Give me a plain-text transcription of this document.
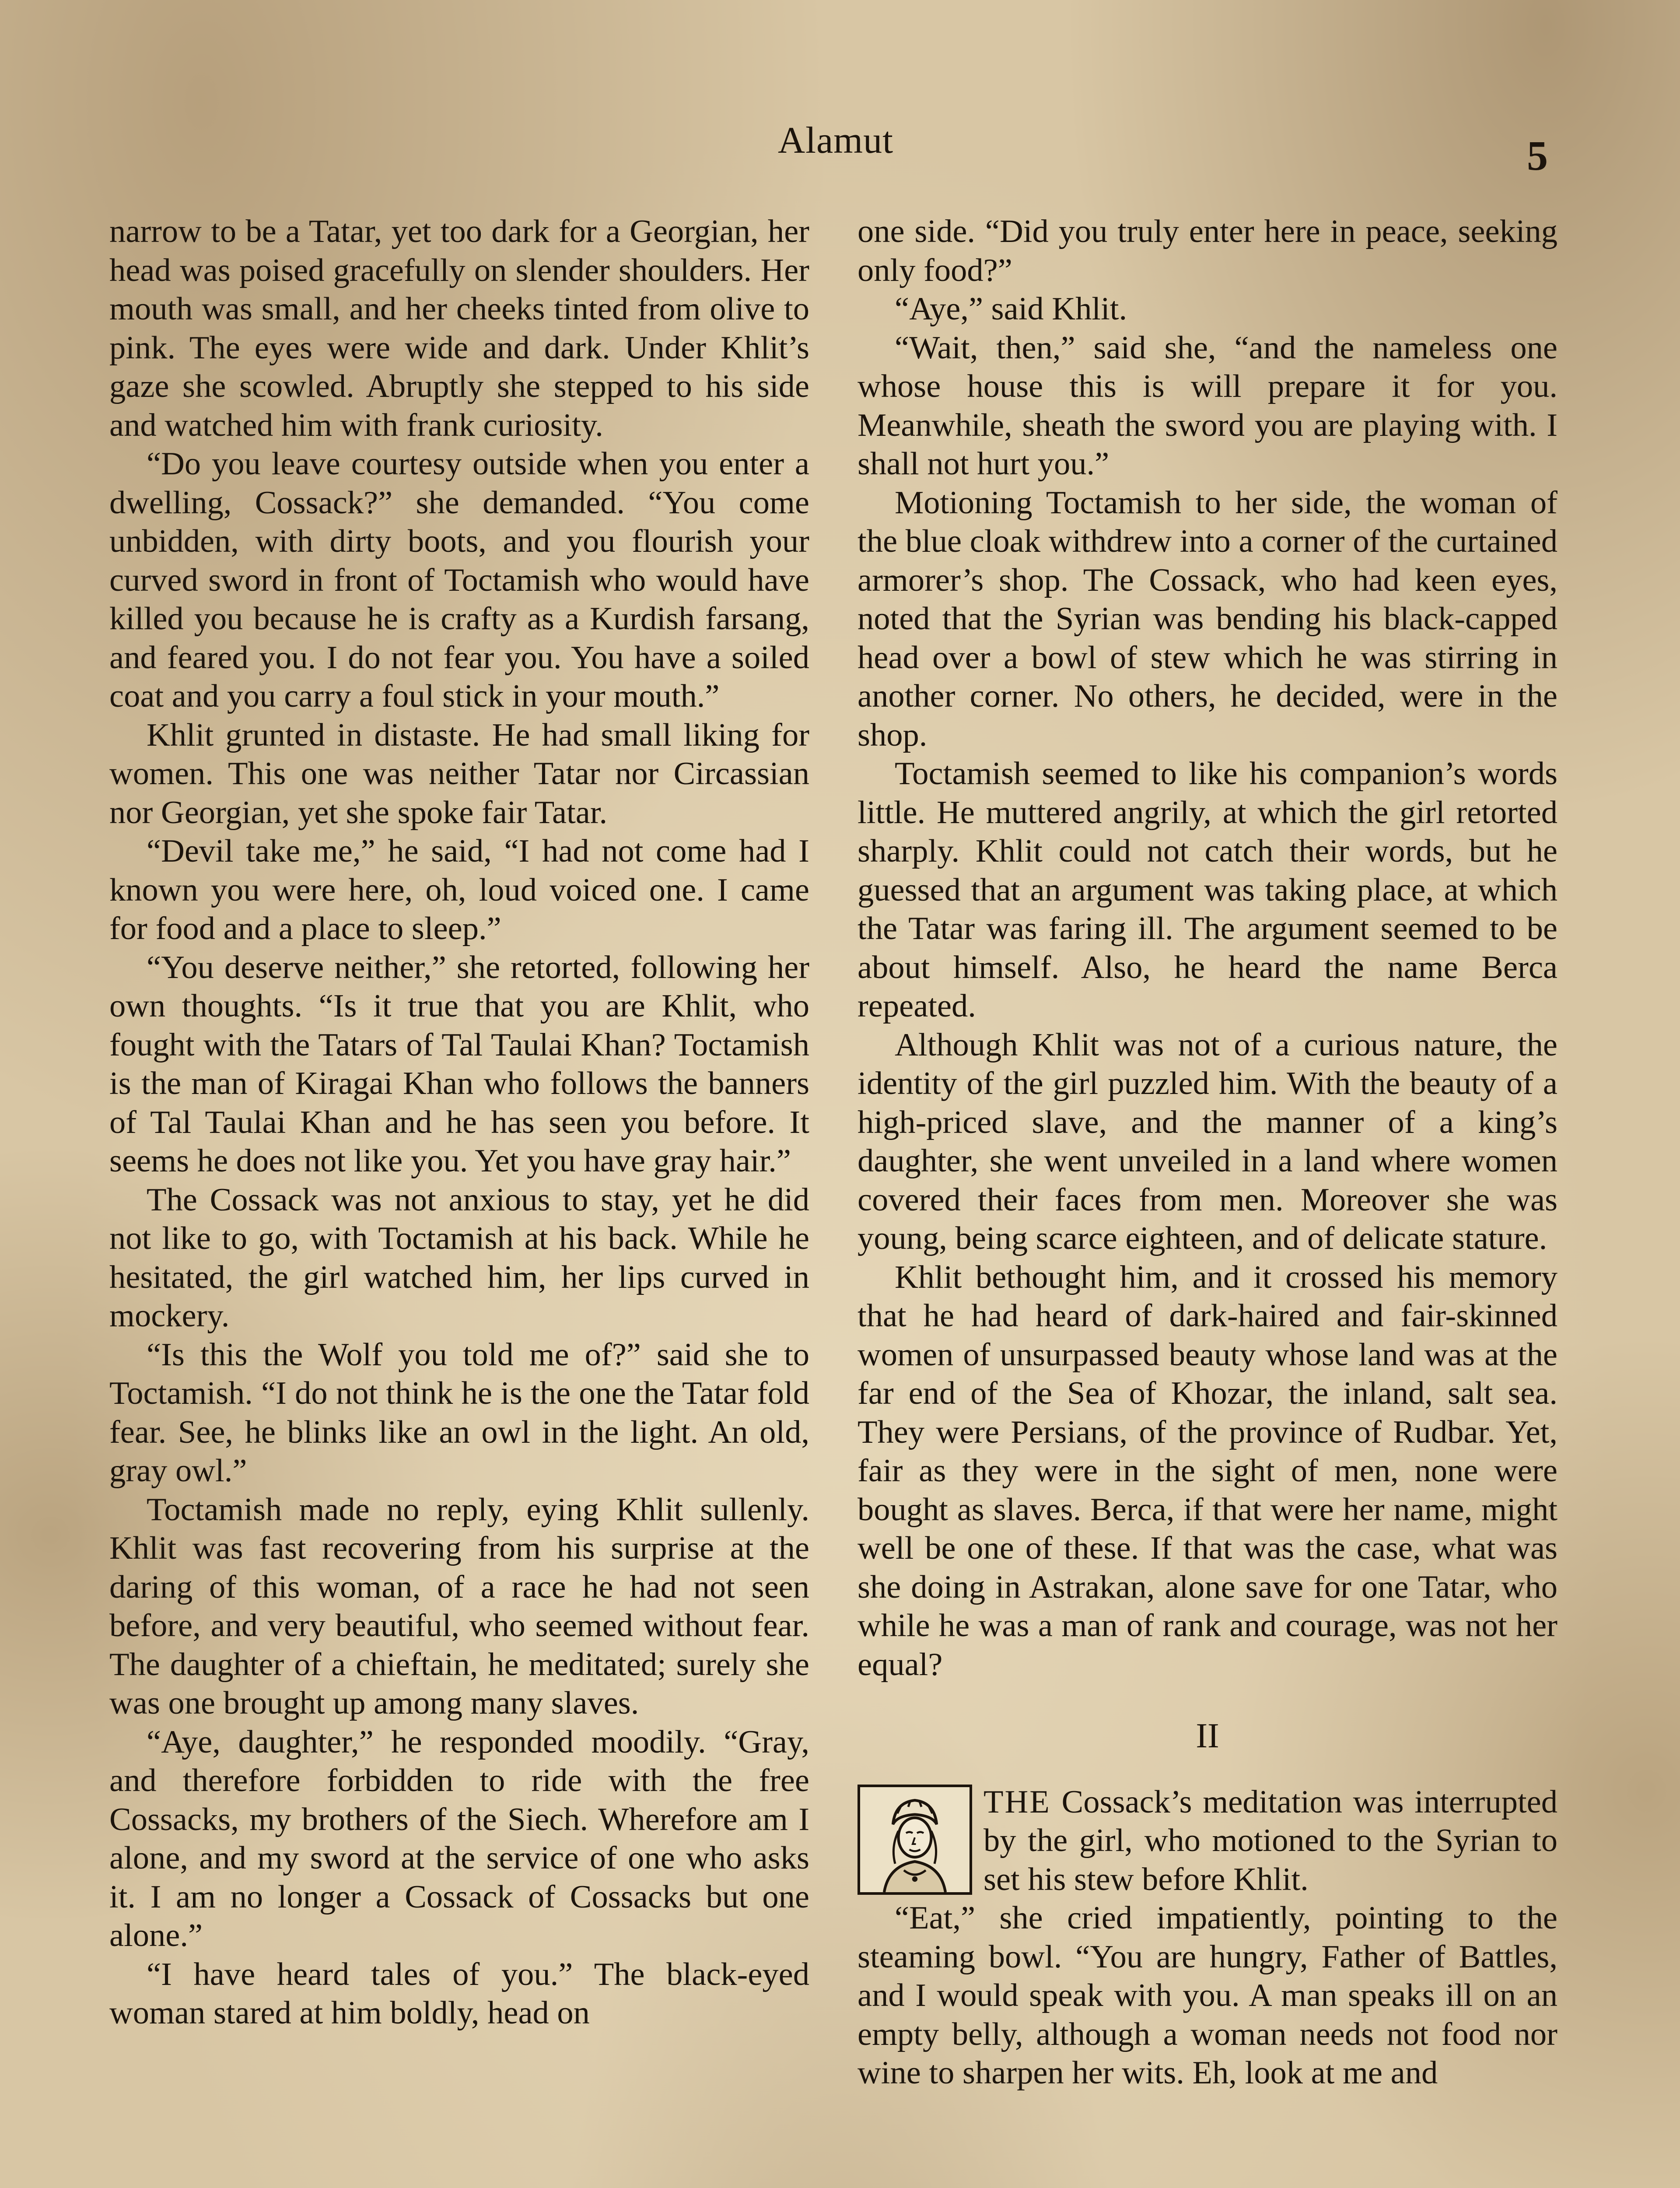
Alamut	5

narrow to be a Tatar, yet too dark for a Georgian, her head was poised gracefully on slender shoulders. Her mouth was small, and her cheeks tinted from olive to pink. The eyes were wide and dark. Under Khlit’s gaze she scowled. Abruptly she stepped to his side and watched him with frank curiosity.

“Do you leave courtesy outside when you enter a dwelling, Cossack?” she demanded. “You come unbidden, with dirty boots, and you flourish your curved sword in front of Toctamish who would have killed you because he is crafty as a Kurdish farsang, and feared you. I do not fear you. You have a soiled coat and you carry a foul stick in your mouth.”

Khlit grunted in distaste. He had small liking for women. This one was neither Tatar nor Circassian nor Georgian, yet she spoke fair Tatar.

“Devil take me,” he said, “I had not come had I known you were here, oh, loud voiced one. I came for food and a place to sleep.”

“You deserve neither,” she retorted, following her own thoughts. “Is it true that you are Khlit, who fought with the Tatars of Tal Taulai Khan? Toctamish is the man of Kiragai Khan who follows the banners of Tal Taulai Khan and he has seen you before. It seems he does not like you. Yet you have gray hair.”

The Cossack was not anxious to stay, yet he did not like to go, with Toctamish at his back. While he hesitated, the girl watched him, her lips curved in mockery.

“Is this the Wolf you told me of?” said she to Toctamish. “I do not think he is the one the Tatar fold fear. See, he blinks like an owl in the light. An old, gray owl.”

Toctamish made no reply, eying Khlit sullenly. Khlit was fast recovering from his surprise at the daring of this woman, of a race he had not seen before, and very beautiful, who seemed without fear. The daughter of a chieftain, he meditated; surely she was one brought up among many slaves.

“Aye, daughter,” he responded moodily. “Gray, and therefore forbidden to ride with the free Cossacks, my brothers of the Siech. Wherefore am I alone, and my sword at the service of one who asks it. I am no longer a Cossack of Cossacks but one alone.”

“I have heard tales of you.” The black-eyed woman stared at him boldly, head on

one side. “Did you truly enter here in peace, seeking only food?”

“Aye,” said Khlit.

“Wait, then,” said she, “and the nameless one whose house this is will prepare it for you. Meanwhile, sheath the sword you are playing with. I shall not hurt you.”

Motioning Toctamish to her side, the woman of the blue cloak withdrew into a corner of the curtained armorer’s shop. The Cossack, who had keen eyes, noted that the Syrian was bending his black-capped head over a bowl of stew which he was stirring in another corner. No others, he decided, were in the shop.

Toctamish seemed to like his companion’s words little. He muttered angrily, at which the girl retorted sharply. Khlit could not catch their words, but he guessed that an argument was taking place, at which the Tatar was faring ill. The argument seemed to be about himself. Also, he heard the name Berca repeated.

Although Khlit was not of a curious nature, the identity of the girl puzzled him. With the beauty of a high-priced slave, and the manner of a king’s daughter, she went unveiled in a land where women covered their faces from men. Moreover she was young, being scarce eighteen, and of delicate stature.

Khlit bethought him, and it crossed his memory that he had heard of dark-haired and fair-skinned women of unsurpassed beauty whose land was at the far end of the Sea of Khozar, the inland, salt sea. They were Persians, of the province of Rudbar. Yet, fair as they were in the sight of men, none were bought as slaves. Berca, if that were her name, might well be one of these. If that was the case, what was she doing in Astrakan, alone save for one Tatar, who while he was a man of rank and courage, was not her equal?

II

THE Cossack’s meditation was interrupted by the girl, who motioned to the Syrian to set his stew before Khlit.

“Eat,” she cried impatiently, pointing to the steaming bowl. “You are hungry, Father of Battles, and I would speak with you. A man speaks ill on an empty belly, although a woman needs not food nor wine to sharpen her wits. Eh, look at me and
